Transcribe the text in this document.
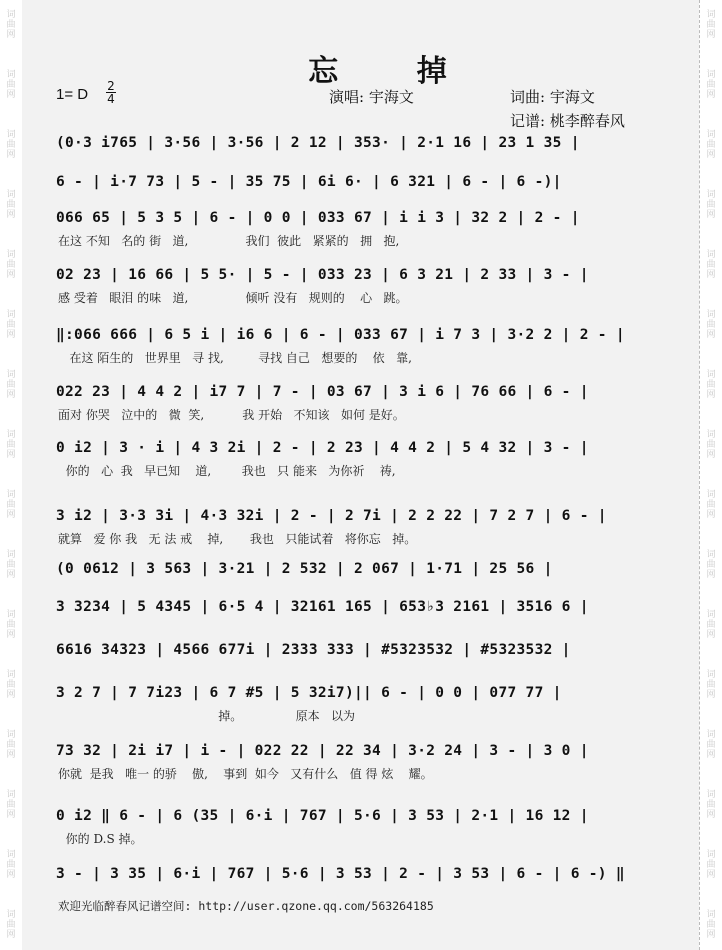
词
曲
网
词
曲
网
词
曲
网
词
曲
网
词
曲
网
词
曲
网
词
曲
网
词
曲
网
词
曲
网
词
曲
网
词
曲
网
词
曲
网
词
曲
网
词
曲
网
词
曲
网
词
曲
网
词
曲
网
词
曲
网
词
曲
网
词
曲
网
词
曲
网
词
曲
网
词
曲
网
词
曲
网
词
曲
网
词
曲
网
词
曲
网
词
曲
网
词
曲
网
词
曲
网
词
曲
网
词
曲
网
忘 掉
1= D 2
4	演唱: 宇海文	词曲: 宇海文
记谱: 桃李醉春风
(0·3 i765 | 3·56 | 3·56 | 2 12 | 353· | 2·1 16 | 23 1 35 |
6 - | i·7 73 | 5 - | 35 75 | 6i 6· | 6 321 | 6 - | 6 -)|
066 65 | 5 3 5 | 6 - | 0 0 | 033 67 | i i 3 | 32 2 | 2 - |
在这 不知   名的 街   道,               我们  彼此   紧紧的   拥   抱,
02 23 | 16 66 | 5 5· | 5 - | 033 23 | 6 3 21 | 2 33 | 3 - |
感 受着   眼泪 的味   道,               倾听 没有   规则的    心   跳。
‖:066 666 | 6 5 i | i6 6 | 6 - | 033 67 | i 7 3 | 3·2 2 | 2 - |
在这 陌生的   世界里   寻 找,         寻找 自己   想要的    依   靠,
022 23 | 4 4 2 | i7 7 | 7 - | 03 67 | 3 i 6 | 76 66 | 6 - |
面对 你哭   泣中的   微  笑,          我 开始   不知该   如何 是好。
0 i2 | 3 · i | 4 3 2i | 2 - | 2 23 | 4 4 2 | 5 4 32 | 3 - |
你的   心  我   早已知    道,        我也   只 能来   为你祈    祷,
3 i2 | 3·3 3i | 4·3 32i | 2 - | 2 7i | 2 2 22 | 7 2 7 | 6 - |
就算   爱 你 我   无 法 戒    掉,       我也   只能试着   将你忘   掉。
(0 0612 | 3 563 | 3·21 | 2 532 | 2 067 | 1·71 | 25 56 |
3 3234 | 5 4345 | 6·5 4 | 32161 165 | 653♭3 2161 | 3516 6 |
6616 34323 | 4566 677i | 2333 333 | #5323532 | #5323532 |
3 2 7 | 7 7i23 | 6 7 #5 | 5 32i7)|| 6 - | 0 0 | 077 77 |
掉。              原本   以为
73 32 | 2i i7 | i - | 022 22 | 22 34 | 3·2 24 | 3 - | 3 0 |
你就  是我   唯一 的骄    傲,    事到  如今   又有什么   值 得 炫    耀。
0 i2 ‖ 6 - | 6 (35 | 6·i | 767 | 5·6 | 3 53 | 2·1 | 16 12 |
你的 D.S 掉。
3 - | 3 35 | 6·i | 767 | 5·6 | 3 53 | 2 - | 3 53 | 6 - | 6 -) ‖
欢迎光临醉春风记谱空间: http://user.qzone.qq.com/563264185
